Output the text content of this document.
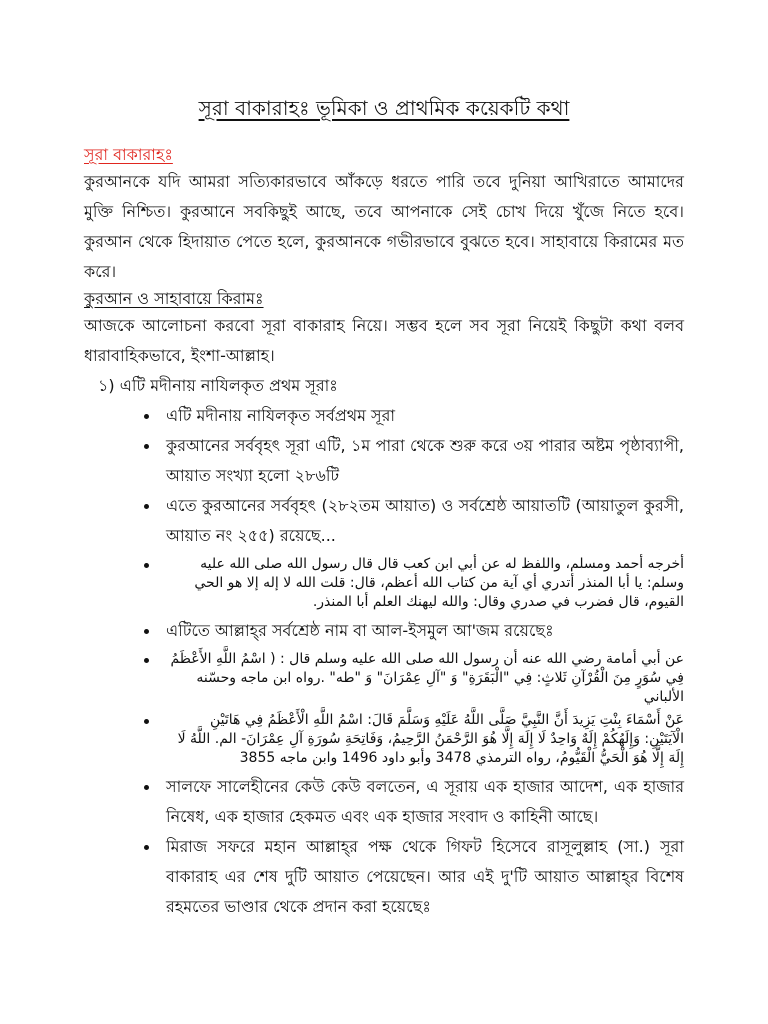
সূরা বাকারাহঃ ভূমিকা ও প্রাথমিক কয়েকটি কথা
সূরা বাকারাহঃ

কুরআনকে যদি আমরা সত্যিকারভাবে আঁকড়ে ধরতে পারি তবে দুনিয়া আখিরাতে আমাদের মুক্তি নিশ্চিত। কুরআনে সবকিছুই আছে, তবে আপনাকে সেই চোখ দিয়ে খুঁজে নিতে হবে। কুরআন থেকে হিদায়াত পেতে হলে, কুরআনকে গভীরভাবে বুঝতে হবে। সাহাবায়ে কিরামের মত করে।

কুরআন ও সাহাবায়ে কিরামঃ

আজকে আলোচনা করবো সূরা বাকারাহ নিয়ে। সম্ভব হলে সব সূরা নিয়েই কিছুটা কথা বলব ধারাবাহিকভাবে, ইংশা-আল্লাহ।

১) এটি মদীনায় নাযিলকৃত প্রথম সূরাঃ
এটি মদীনায় নাযিলকৃত সর্বপ্রথম সূরা
কুরআনের সর্ববৃহৎ সূরা এটি, ১ম পারা থেকে শুরু করে ৩য় পারার অষ্টম পৃষ্ঠাব্যাপী, আয়াত সংখ্যা হলো ২৮৬টি
এতে কুরআনের সর্ববৃহৎ (২৮২তম আয়াত) ও সর্বশ্রেষ্ঠ আয়াতটি (আয়াতুল কুরসী, আয়াত নং ২৫৫) রয়েছে...
أخرجه أحمد ومسلم، واللفظ له عن أبي ابن كعب قال قال رسول الله صلى الله عليه وسلم: يا أبا المنذر أتدري أي آية من كتاب الله أعظم، قال: قلت الله لا إله إلا هو الحي القيوم، قال فضرب في صدري وقال: والله ليهنك العلم أبا المنذر.
এটিতে আল্লাহ্‌র সর্বশ্রেষ্ঠ নাম বা আল-ইসমুল আ'জম রয়েছেঃ
عن أبي أمامة رضي الله عنه أن رسول الله صلى الله عليه وسلم قال : ( اسْمُ اللَّهِ الأَعْظَمُ فِي سُوَرٍ مِنَ الْقُرْآنِ ثَلاثٍ: فِي "الْبَقَرَةِ" وَ "آلِ عِمْرَانَ" وَ "طه" .رواه ابن ماجه وحسّنه الألباني
عَنْ أَسْمَاءَ بِنْتِ يَزِيدَ أَنَّ النَّبِيَّ صَلَّى اللَّهُ عَلَيْهِ وَسَلَّمَ قَالَ: اسْمُ اللَّهِ الْأَعْظَمُ فِي هَاتَيْنِ الْآيَتَيْنِ: وَإِلَهُكُمْ إِلَهٌ وَاحِدٌ لَا إِلَهَ إِلَّا هُوَ الرَّحْمَنُ الرَّحِيمُ، وَفَاتِحَةِ سُورَةِ آلِ عِمْرَانَ- الم. اللَّهُ لَا إِلَهَ إِلَّا هُوَ الْحَيُّ الْقَيُّومُ، رواه الترمذي 3478 وأبو داود 1496 وابن ماجه 3855
সালফে সালেহীনের কেউ কেউ বলতেন, এ সূরায় এক হাজার আদেশ, এক হাজার নিষেধ, এক হাজার হেকমত এবং এক হাজার সংবাদ ও কাহিনী আছে।
মিরাজ সফরে মহান আল্লাহ্‌র পক্ষ থেকে গিফট হিসেবে রাসূলুল্লাহ (সা.) সূরা বাকারাহ এর শেষ দুটি আয়াত পেয়েছেন। আর এই দু'টি আয়াত আল্লাহ্‌র বিশেষ রহমতের ভাণ্ডার থেকে প্রদান করা হয়েছেঃ
